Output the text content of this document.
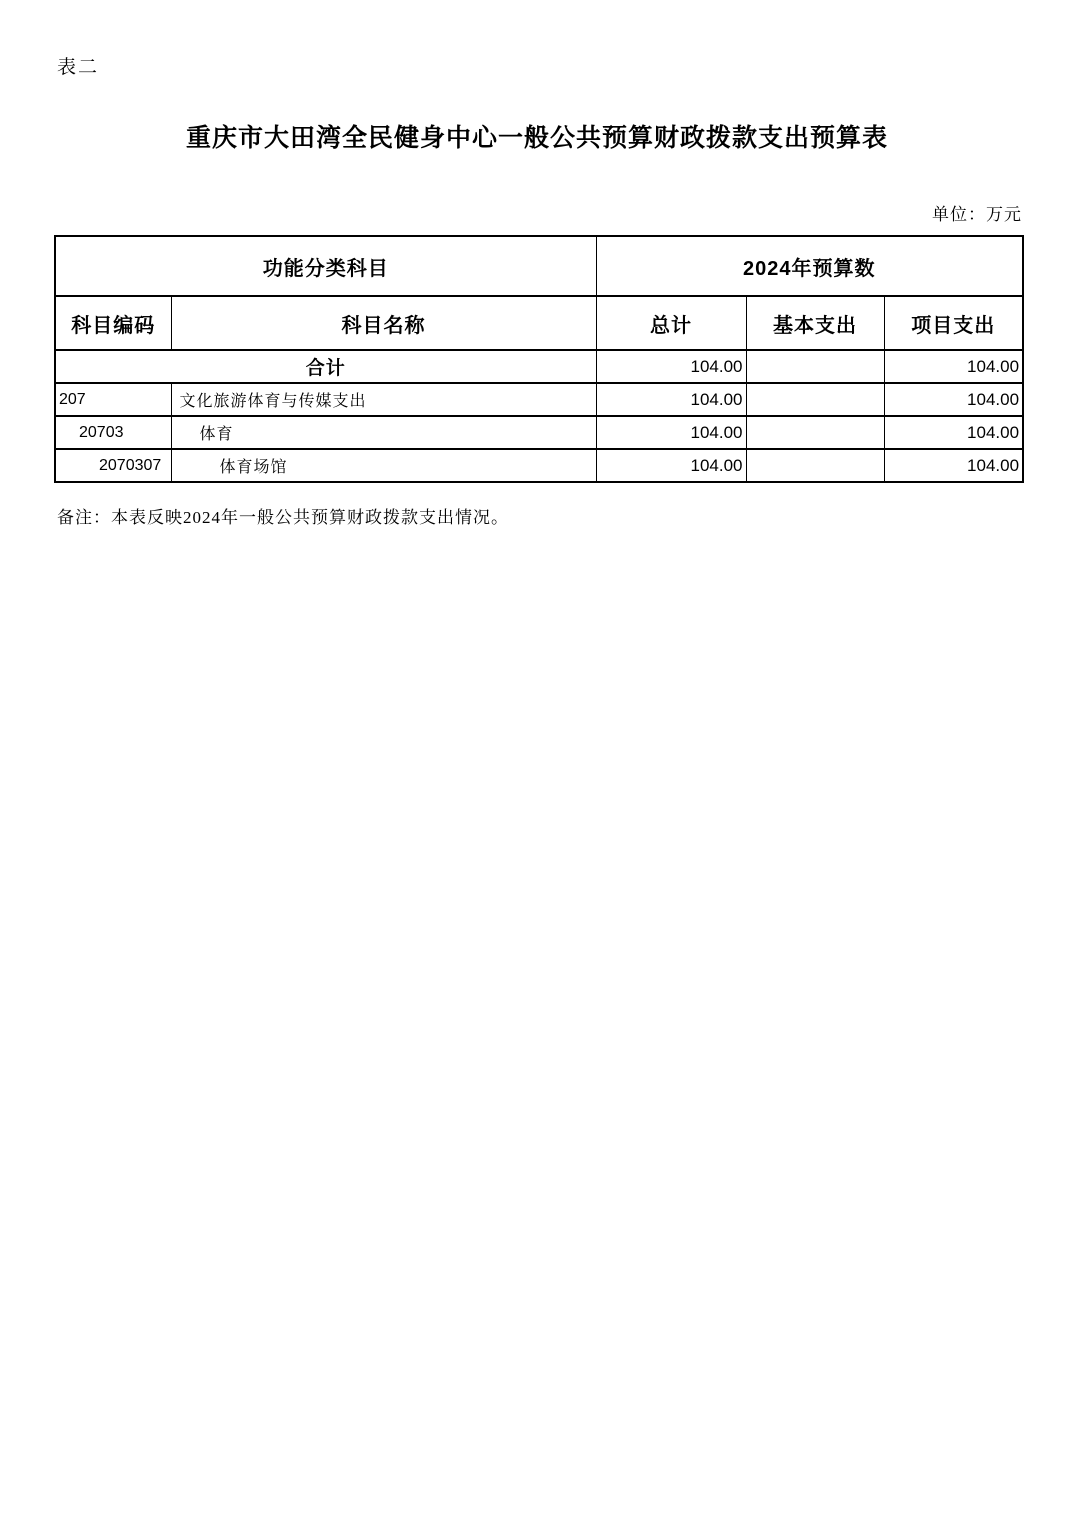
表二
重庆市大田湾全民健身中心一般公共预算财政拨款支出预算表
单位：万元
功能分类科目		2024年预算数		
科目编码	科目名称	总计	基本支出	项目支出
合计		104.00		104.00
207	文化旅游体育与传媒支出	104.00		104.00
20703	体育	104.00		104.00
2070307	体育场馆	104.00		104.00
备注：本表反映2024年一般公共预算财政拨款支出情况。
